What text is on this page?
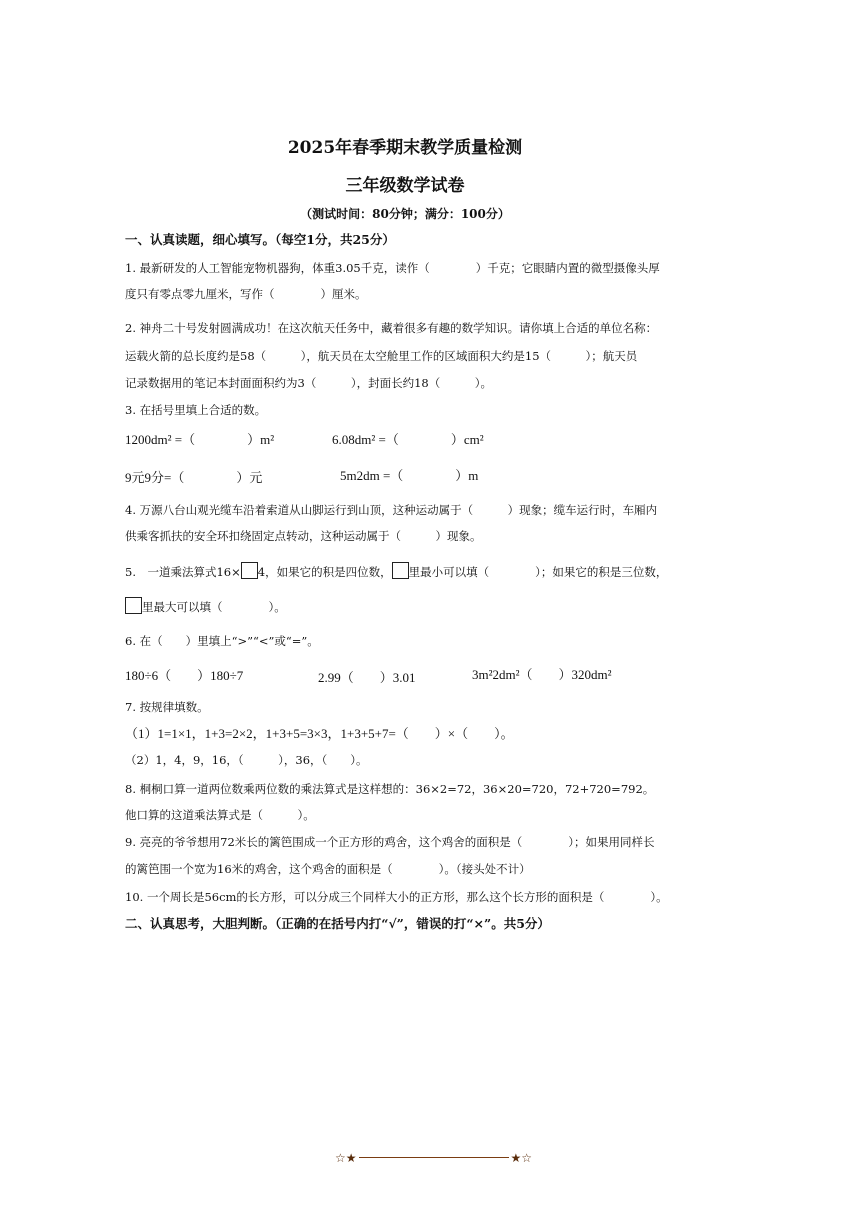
2025年春季期末教学质量检测
三年级数学试卷
（测试时间：80分钟；满分：100分）
一、认真读题，细心填写。（每空1分，共25分）
1. 最新研发的人工智能宠物机器狗，体重3.05千克，读作（　　　　）千克；它眼睛内置的微型摄像头厚
度只有零点零九厘米，写作（　　　　）厘米。
2. 神舟二十号发射圆满成功！在这次航天任务中，藏着很多有趣的数学知识。请你填上合适的单位名称：
运载火箭的总长度约是58（　　　），航天员在太空舱里工作的区域面积大约是15（　　　）；航天员
记录数据用的笔记本封面面积约为3（　　　），封面长约18（　　　）。
3. 在括号里填上合适的数。
1200dm² =（　　　　）m²	6.08dm² =（　　　　）cm²
9元9分=（　　　　）元	5m2dm =（　　　　）m
4. 万源八台山观光缆车沿着索道从山脚运行到山顶，这种运动属于（　　　）现象；缆车运行时，车厢内
供乘客抓扶的安全环扣绕固定点转动，这种运动属于（　　　）现象。
5.　一道乘法算式16× 4，如果它的积是四位数， 里最小可以填（　　　　）；如果它的积是三位数，
里最大可以填（　　　　）。
6. 在（　　）里填上“>”“<”或“=”。
180÷6（　　）180÷7	2.99（　　）3.01	3m²2dm²（　　）320dm²
7. 按规律填数。
（1）1=1×1，1+3=2×2，1+3+5=3×3，1+3+5+7=（　　）×（　　）。
（2）1，4，9，16，（　　　），36，（　　）。
8. 桐桐口算一道两位数乘两位数的乘法算式是这样想的：36×2=72，36×20=720，72+720=792。
他口算的这道乘法算式是（　　　）。
9. 亮亮的爷爷想用72米长的篱笆围成一个正方形的鸡舍，这个鸡舍的面积是（　　　　）；如果用同样长
的篱笆围一个宽为16米的鸡舍，这个鸡舍的面积是（　　　　）。（接头处不计）
10. 一个周长是56cm的长方形，可以分成三个同样大小的正方形，那么这个长方形的面积是（　　　　）。
二、认真思考，大胆判断。（正确的在括号内打“√”，错误的打“×”。共5分）
☆★	★☆
